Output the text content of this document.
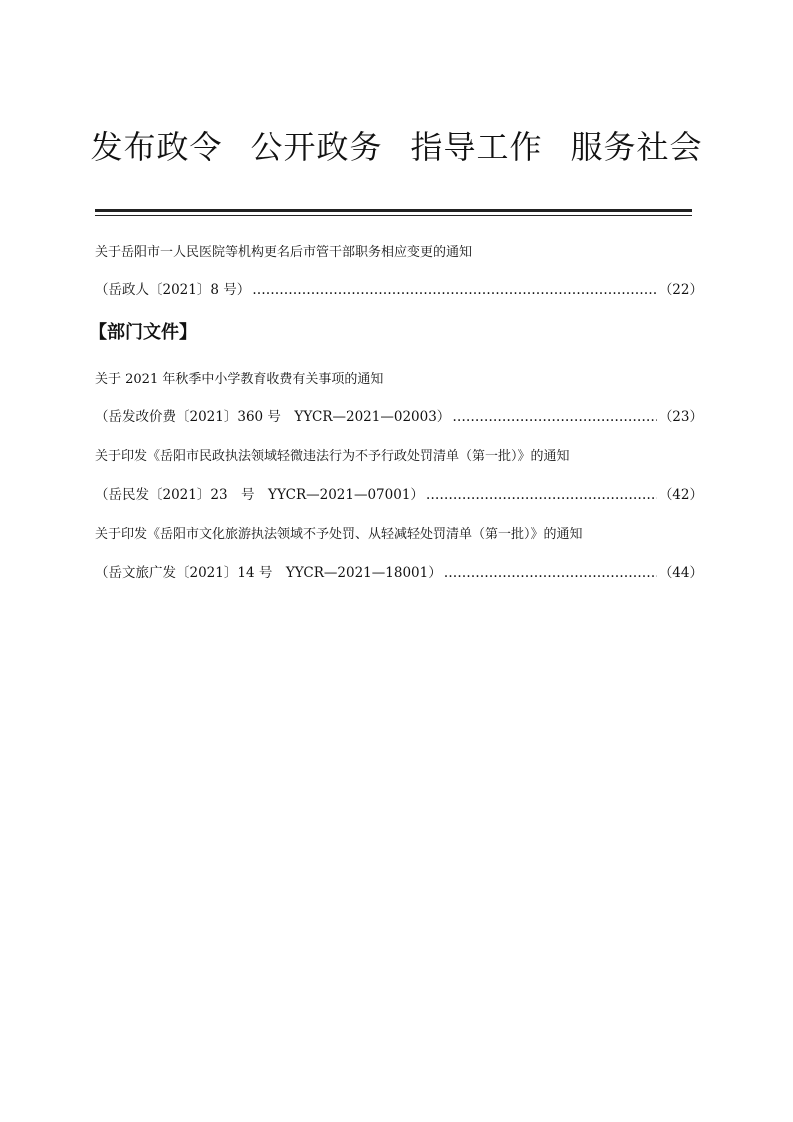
发布政令 公开政务 指导工作 服务社会
关于岳阳市一人民医院等机构更名后市管干部职务相应变更的通知
（岳政人〔2021〕8 号） ……………………………………………………………………………………………………………………………………………………………………	（22）
【部门文件】
关于 2021 年秋季中小学教育收费有关事项的通知
（岳发改价费〔2021〕360 号　YYCR—2021—02003） ……………………………………………………………………………………………………………………………………………………………………	（23）
关于印发《岳阳市民政执法领域轻微违法行为不予行政处罚清单（第一批）》的通知
（岳民发〔2021〕23　号　YYCR—2021—07001） ……………………………………………………………………………………………………………………………………………………………………	（42）
关于印发《岳阳市文化旅游执法领域不予处罚、从轻减轻处罚清单（第一批）》的通知
（岳文旅广发〔2021〕14 号　YYCR—2021—18001） ……………………………………………………………………………………………………………………………………………………………………	（44）
